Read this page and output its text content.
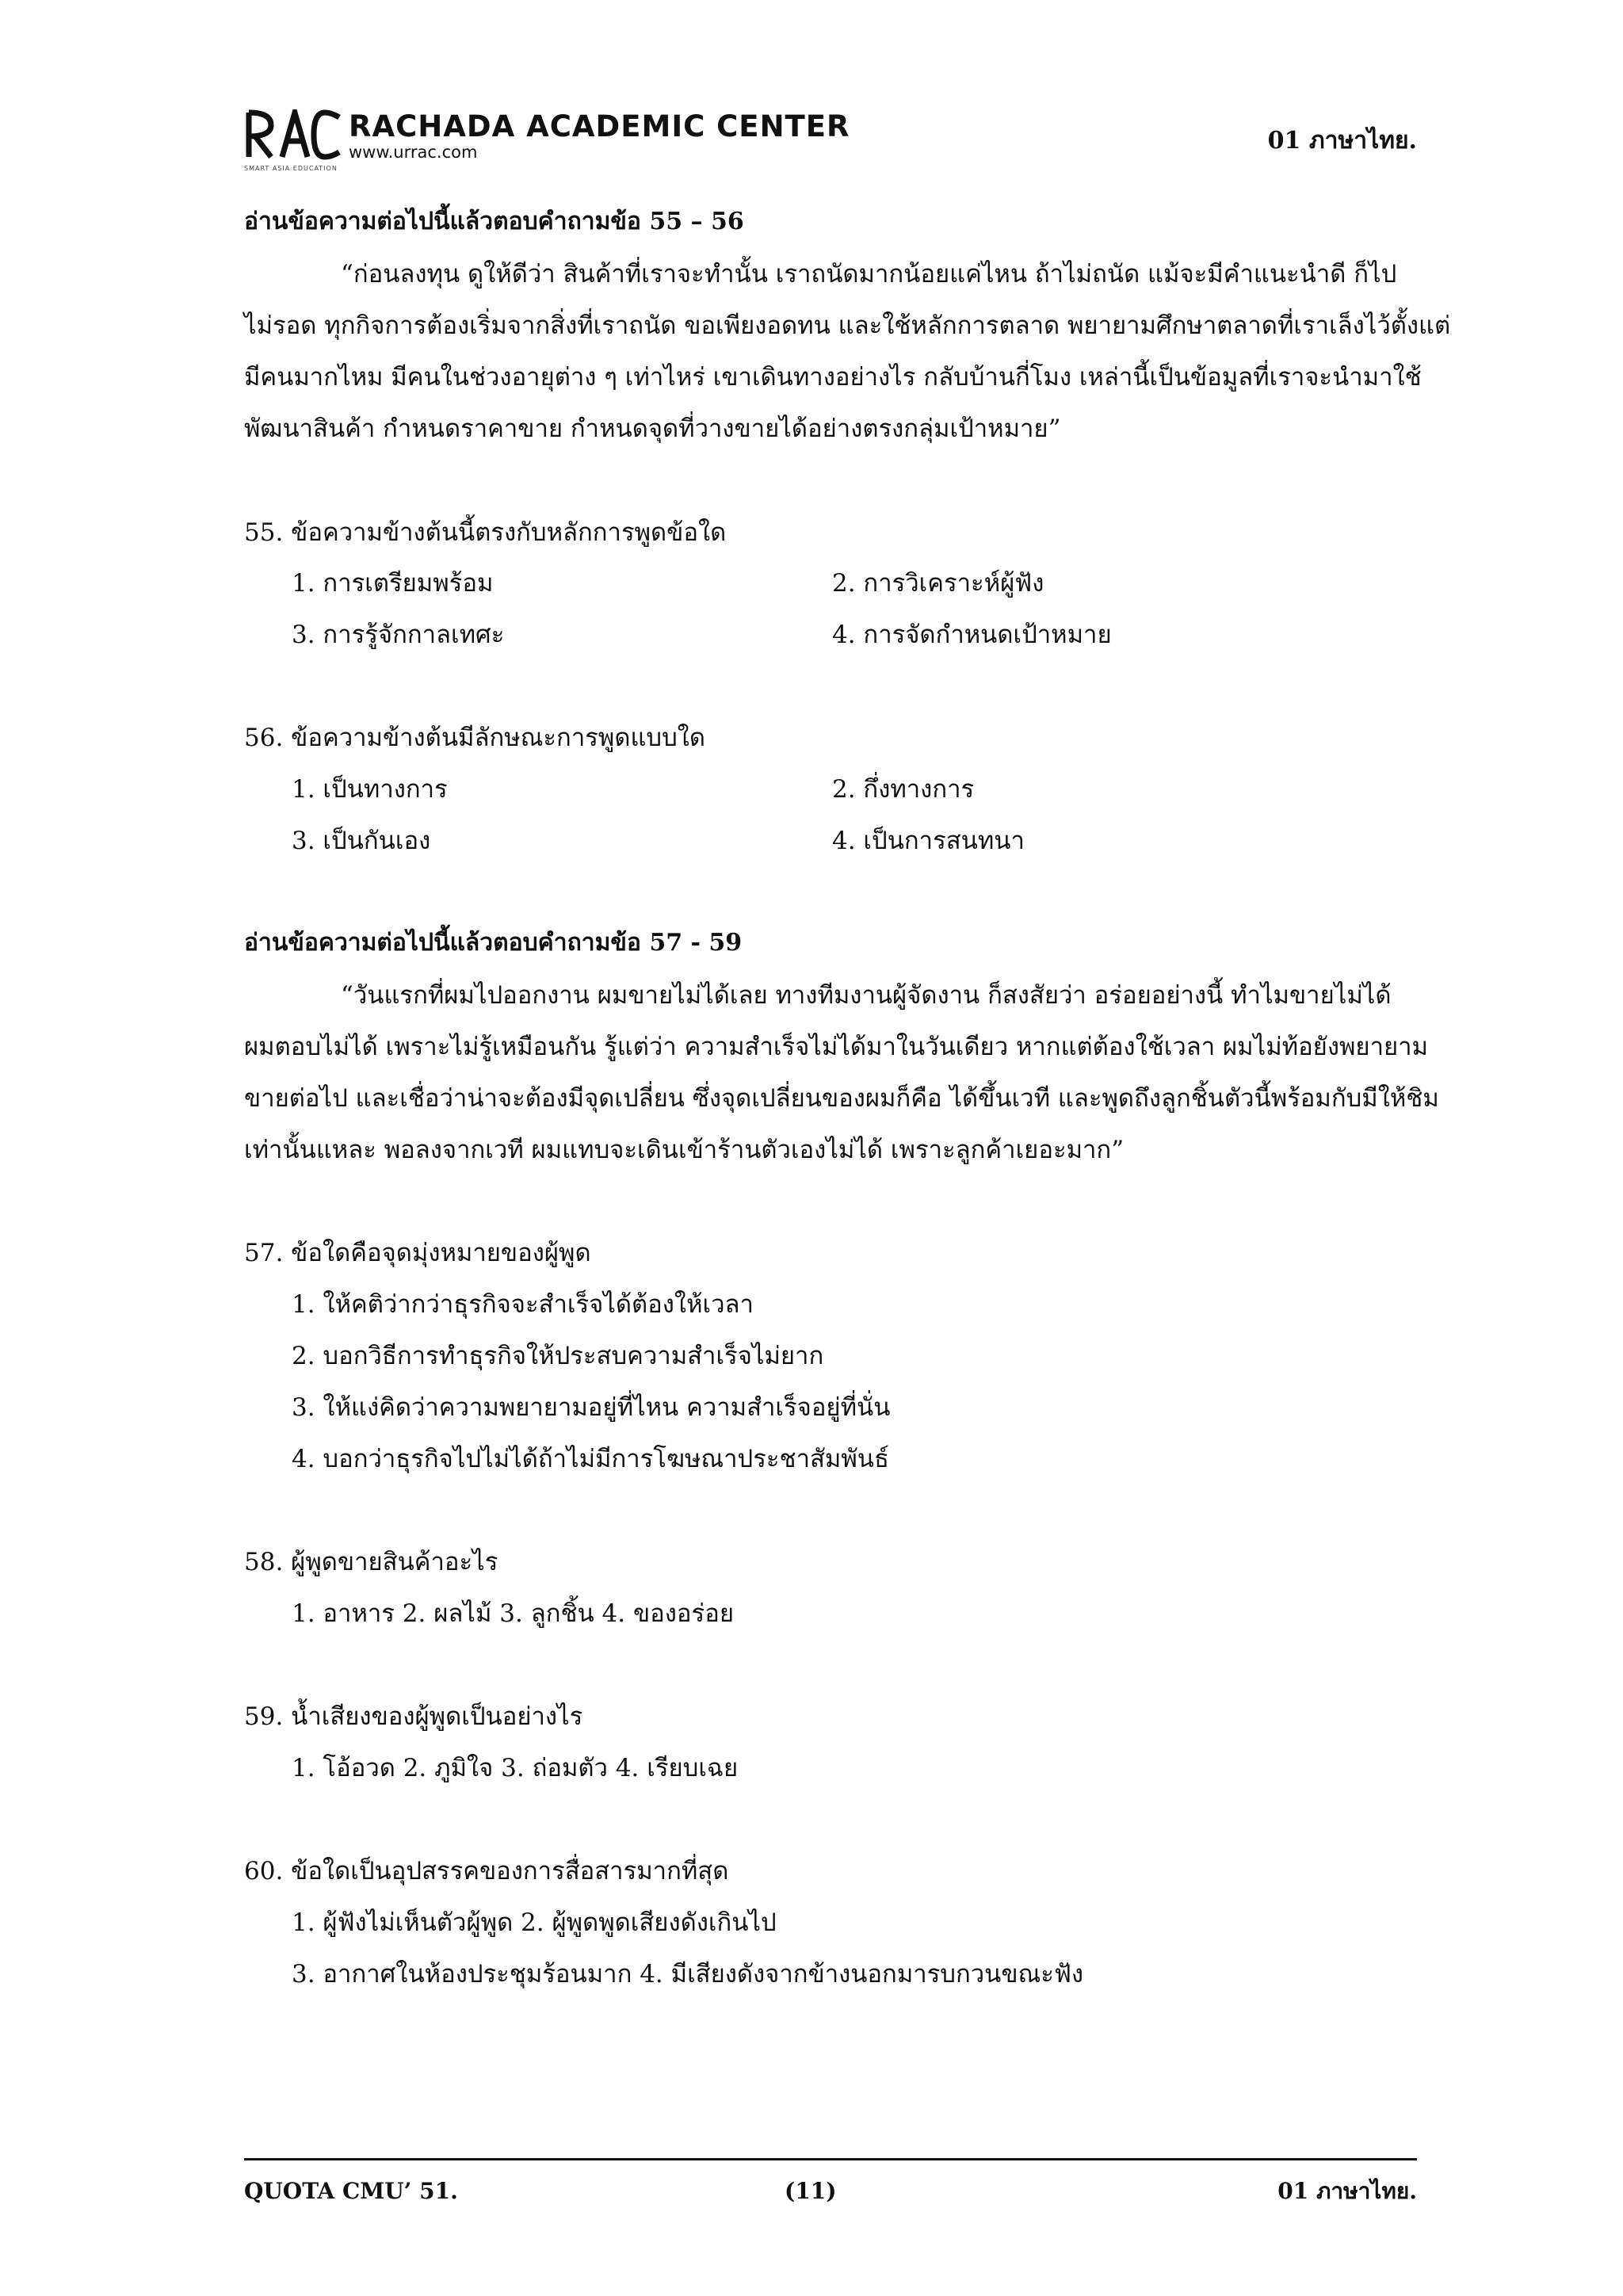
RACHADA ACADEMIC CENTER
www.urrac.com
SMART ASIA EDUCATION
01 ภาษาไทย.
อ่านข้อความต่อไปนี้แล้วตอบคำถามข้อ 55 – 56
“ก่อนลงทุน ดูให้ดีว่า สินค้าที่เราจะทำนั้น เราถนัดมากน้อยแค่ไหน ถ้าไม่ถนัด แม้จะมีคำแนะนำดี ก็ไป
ไม่รอด ทุกกิจการต้องเริ่มจากสิ่งที่เราถนัด ขอเพียงอดทน และใช้หลักการตลาด พยายามศึกษาตลาดที่เราเล็งไว้ตั้งแต่
มีคนมากไหม มีคนในช่วงอายุต่าง ๆ เท่าไหร่ เขาเดินทางอย่างไร กลับบ้านกี่โมง เหล่านี้เป็นข้อมูลที่เราจะนำมาใช้
พัฒนาสินค้า กำหนดราคาขาย กำหนดจุดที่วางขายได้อย่างตรงกลุ่มเป้าหมาย”
55. ข้อความข้างต้นนี้ตรงกับหลักการพูดข้อใด
1. การเตรียมพร้อม	2. การวิเคราะห์ผู้ฟัง
3. การรู้จักกาลเทศะ	4. การจัดกำหนดเป้าหมาย
56. ข้อความข้างต้นมีลักษณะการพูดแบบใด
1. เป็นทางการ	2. กึ่งทางการ
3. เป็นกันเอง	4. เป็นการสนทนา
อ่านข้อความต่อไปนี้แล้วตอบคำถามข้อ 57 - 59
“วันแรกที่ผมไปออกงาน ผมขายไม่ได้เลย ทางทีมงานผู้จัดงาน ก็สงสัยว่า อร่อยอย่างนี้ ทำไมขายไม่ได้
ผมตอบไม่ได้ เพราะไม่รู้เหมือนกัน รู้แต่ว่า ความสำเร็จไม่ได้มาในวันเดียว หากแต่ต้องใช้เวลา ผมไม่ท้อยังพยายาม
ขายต่อไป และเชื่อว่าน่าจะต้องมีจุดเปลี่ยน ซึ่งจุดเปลี่ยนของผมก็คือ ได้ขึ้นเวที และพูดถึงลูกชิ้นตัวนี้พร้อมกับมีให้ชิม
เท่านั้นแหละ พอลงจากเวที ผมแทบจะเดินเข้าร้านตัวเองไม่ได้ เพราะลูกค้าเยอะมาก”
57. ข้อใดคือจุดมุ่งหมายของผู้พูด
1. ให้คติว่ากว่าธุรกิจจะสำเร็จได้ต้องให้เวลา
2. บอกวิธีการทำธุรกิจให้ประสบความสำเร็จไม่ยาก
3. ให้แง่คิดว่าความพยายามอยู่ที่ไหน ความสำเร็จอยู่ที่นั่น
4. บอกว่าธุรกิจไปไม่ได้ถ้าไม่มีการโฆษณาประชาสัมพันธ์
58. ผู้พูดขายสินค้าอะไร
1. อาหาร 2. ผลไม้ 3. ลูกชิ้น 4. ของอร่อย
59. น้ำเสียงของผู้พูดเป็นอย่างไร
1. โอ้อวด 2. ภูมิใจ 3. ถ่อมตัว 4. เรียบเฉย
60. ข้อใดเป็นอุปสรรคของการสื่อสารมากที่สุด
1. ผู้ฟังไม่เห็นตัวผู้พูด 2. ผู้พูดพูดเสียงดังเกินไป
3. อากาศในห้องประชุมร้อนมาก 4. มีเสียงดังจากข้างนอกมารบกวนขณะฟัง
QUOTA CMU’ 51.	(11)	01 ภาษาไทย.
